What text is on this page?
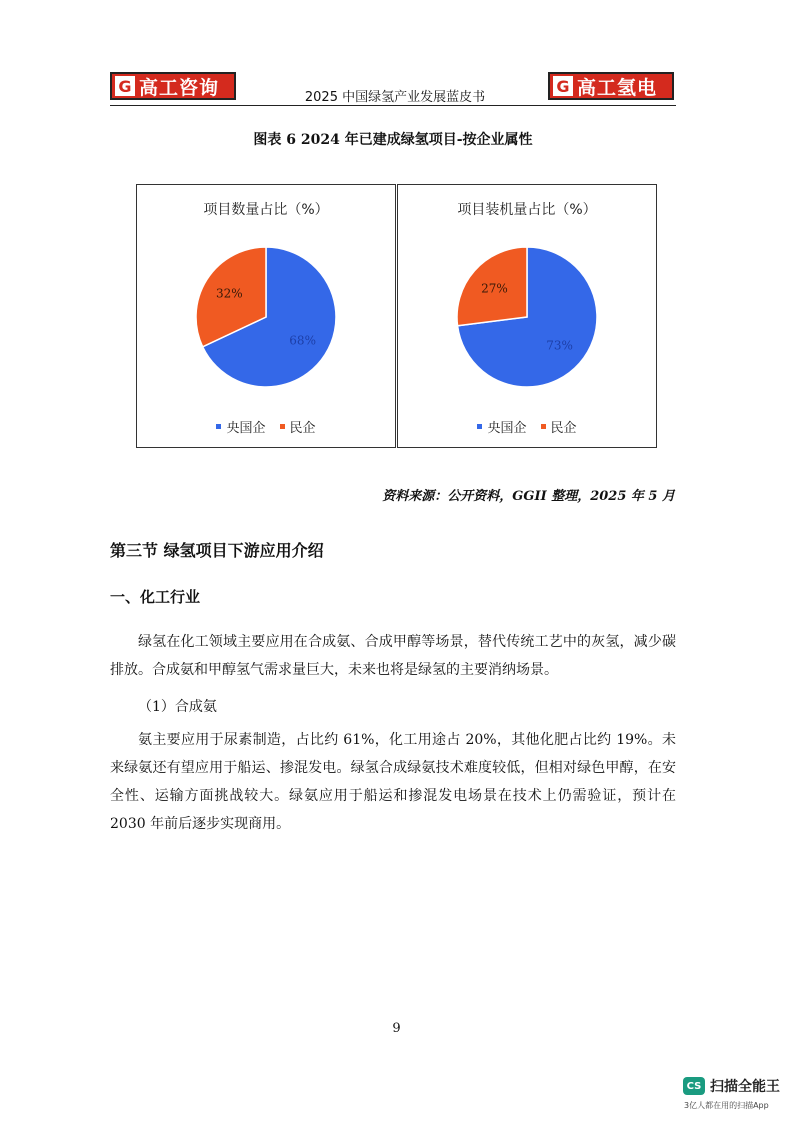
G 高工咨询	2025 中国绿氢产业发展蓝皮书
G 高工氢电
图表 6 2024 年已建成绿氢项目-按企业属性
项目数量占比（%）
68%
32%
央国企 民企
项目装机量占比（%）
73%
27%
央国企 民企
资料来源：公开资料，GGII 整理，2025 年 5 月
第三节 绿氢项目下游应用介绍
一、化工行业
绿氢在化工领域主要应用在合成氨、合成甲醇等场景，替代传统工艺中的灰氢，减少碳排放。合成氨和甲醇氢气需求量巨大，未来也将是绿氢的主要消纳场景。
（1）合成氨
氨主要应用于尿素制造，占比约 61%，化工用途占 20%，其他化肥占比约 19%。未来绿氨还有望应用于船运、掺混发电。绿氢合成绿氨技术难度较低，但相对绿色甲醇，在安全性、运输方面挑战较大。绿氨应用于船运和掺混发电场景在技术上仍需验证，预计在 2030 年前后逐步实现商用。
9
CS 扫描全能王
3亿人都在用的扫描App
